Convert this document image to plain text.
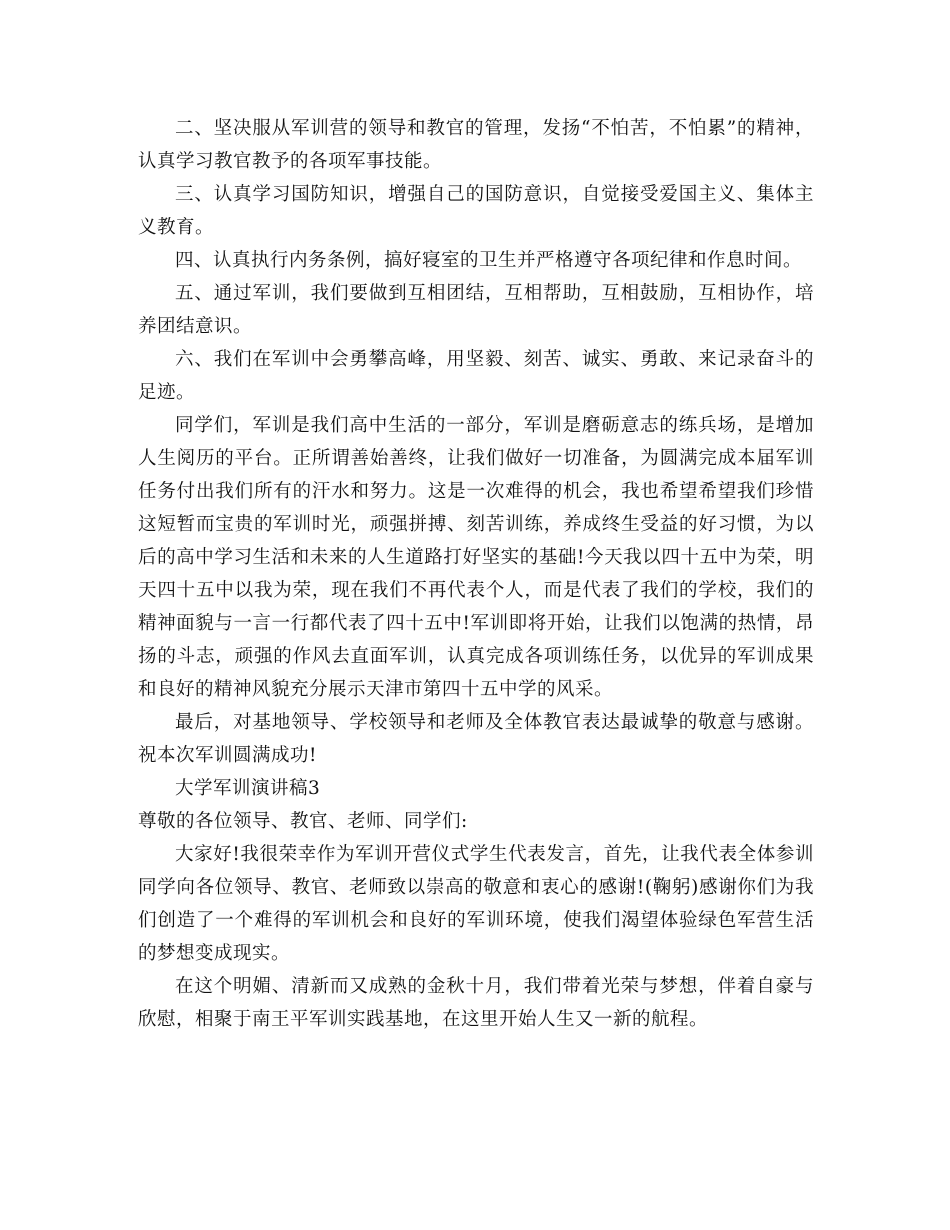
二、坚决服从军训营的领导和教官的管理，发扬“不怕苦，不怕累”的精神，认真学习教官教予的各项军事技能。

三、认真学习国防知识，增强自己的国防意识，自觉接受爱国主义、集体主义教育。

四、认真执行内务条例，搞好寝室的卫生并严格遵守各项纪律和作息时间。

五、通过军训，我们要做到互相团结，互相帮助，互相鼓励，互相协作，培养团结意识。

六、我们在军训中会勇攀高峰，用坚毅、刻苦、诚实、勇敢、来记录奋斗的足迹。

同学们，军训是我们高中生活的一部分，军训是磨砺意志的练兵场，是增加人生阅历的平台。正所谓善始善终，让我们做好一切准备，为圆满完成本届军训任务付出我们所有的汗水和努力。这是一次难得的机会，我也希望希望我们珍惜这短暂而宝贵的军训时光，顽强拼搏、刻苦训练，养成终生受益的好习惯，为以后的高中学习生活和未来的人生道路打好坚实的基础!今天我以四十五中为荣，明天四十五中以我为荣，现在我们不再代表个人，而是代表了我们的学校，我们的精神面貌与一言一行都代表了四十五中!军训即将开始，让我们以饱满的热情，昂扬的斗志，顽强的作风去直面军训，认真完成各项训练任务，以优异的军训成果和良好的精神风貌充分展示天津市第四十五中学的风采。

最后，对基地领导、学校领导和老师及全体教官表达最诚挚的敬意与感谢。祝本次军训圆满成功!

大学军训演讲稿3

尊敬的各位领导、教官、老师、同学们:

大家好!我很荣幸作为军训开营仪式学生代表发言，首先，让我代表全体参训同学向各位领导、教官、老师致以崇高的敬意和衷心的感谢!(鞠躬)感谢你们为我们创造了一个难得的军训机会和良好的军训环境，使我们渴望体验绿色军营生活的梦想变成现实。

在这个明媚、清新而又成熟的金秋十月，我们带着光荣与梦想，伴着自豪与欣慰，相聚于南王平军训实践基地，在这里开始人生又一新的航程。
